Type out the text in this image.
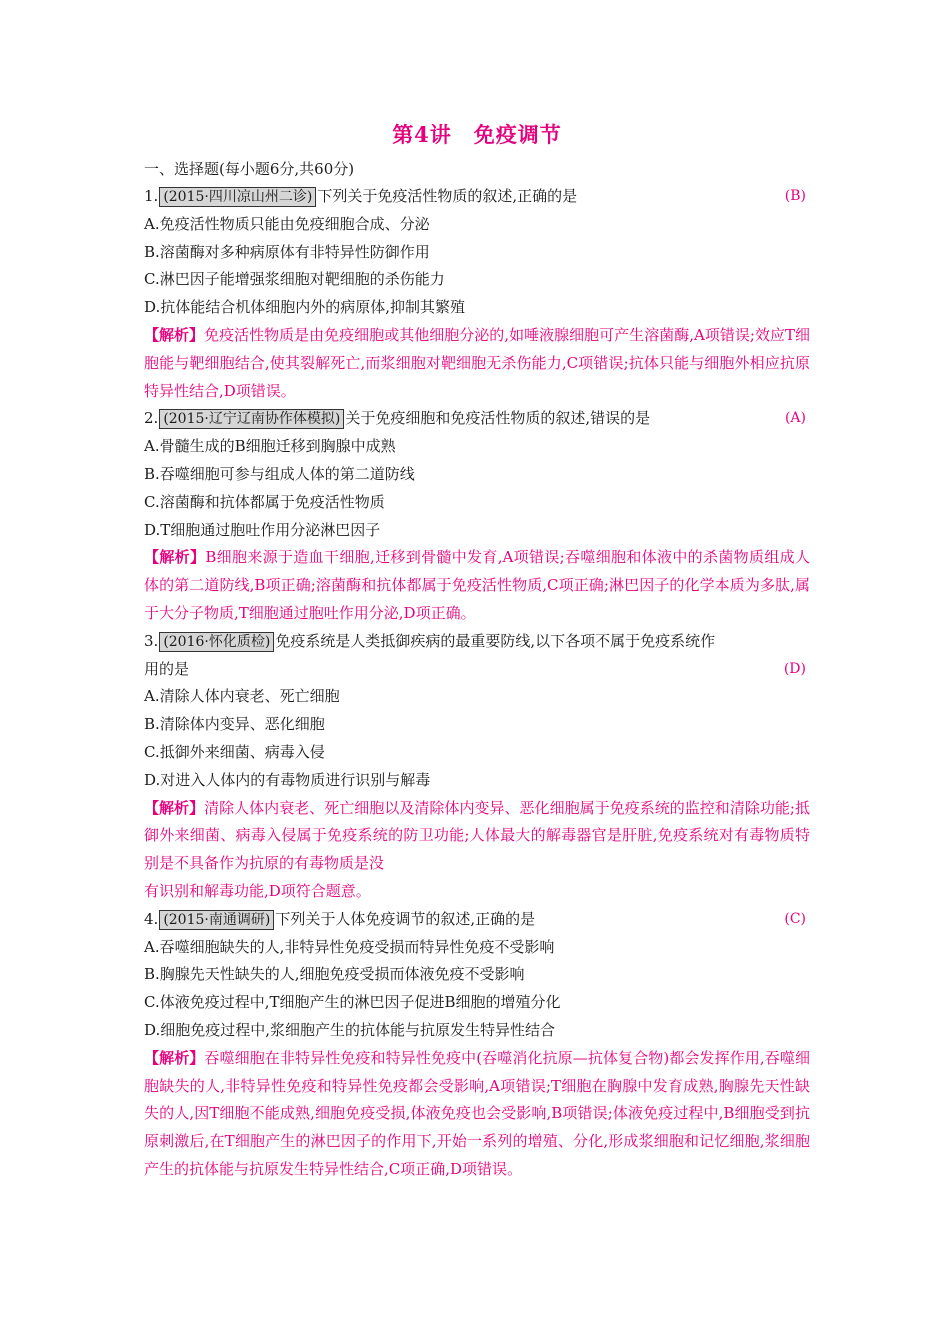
第4讲　免疫调节
一、选择题(每小题6分,共60分)
1. (2015·四川凉山州二诊) 下列关于免疫活性物质的叙述,正确的是	(B)
A.免疫活性物质只能由免疫细胞合成、分泌
B.溶菌酶对多种病原体有非特异性防御作用
C.淋巴因子能增强浆细胞对靶细胞的杀伤能力
D.抗体能结合机体细胞内外的病原体,抑制其繁殖
【解析】免疫活性物质是由免疫细胞或其他细胞分泌的,如唾液腺细胞可产生溶菌酶,A项错误;效应T细胞能与靶细胞结合,使其裂解死亡,而浆细胞对靶细胞无杀伤能力,C项错误;抗体只能与细胞外相应抗原特异性结合,D项错误。
2. (2015·辽宁辽南协作体模拟) 关于免疫细胞和免疫活性物质的叙述,错误的是	(A)
A.骨髓生成的B细胞迁移到胸腺中成熟
B.吞噬细胞可参与组成人体的第二道防线
C.溶菌酶和抗体都属于免疫活性物质
D.T细胞通过胞吐作用分泌淋巴因子
【解析】B细胞来源于造血干细胞,迁移到骨髓中发育,A项错误;吞噬细胞和体液中的杀菌物质组成人体的第二道防线,B项正确;溶菌酶和抗体都属于免疫活性物质,C项正确;淋巴因子的化学本质为多肽,属于大分子物质,T细胞通过胞吐作用分泌,D项正确。
3. (2016·怀化质检) 免疫系统是人类抵御疾病的最重要防线,以下各项不属于免疫系统作
用的是	(D)
A.清除人体内衰老、死亡细胞
B.清除体内变异、恶化细胞
C.抵御外来细菌、病毒入侵
D.对进入人体内的有毒物质进行识别与解毒
【解析】清除人体内衰老、死亡细胞以及清除体内变异、恶化细胞属于免疫系统的监控和清除功能;抵御外来细菌、病毒入侵属于免疫系统的防卫功能;人体最大的解毒器官是肝脏,免疫系统对有毒物质特别是不具备作为抗原的有毒物质是没
有识别和解毒功能,D项符合题意。
4. (2015·南通调研) 下列关于人体免疫调节的叙述,正确的是	(C)
A.吞噬细胞缺失的人,非特异性免疫受损而特异性免疫不受影响
B.胸腺先天性缺失的人,细胞免疫受损而体液免疫不受影响
C.体液免疫过程中,T细胞产生的淋巴因子促进B细胞的增殖分化
D.细胞免疫过程中,浆细胞产生的抗体能与抗原发生特异性结合
【解析】吞噬细胞在非特异性免疫和特异性免疫中(吞噬消化抗原—抗体复合物)都会发挥作用,吞噬细胞缺失的人,非特异性免疫和特异性免疫都会受影响,A项错误;T细胞在胸腺中发育成熟,胸腺先天性缺失的人,因T细胞不能成熟,细胞免疫受损,体液免疫也会受影响,B项错误;体液免疫过程中,B细胞受到抗原刺激后,在T细胞产生的淋巴因子的作用下,开始一系列的增殖、分化,形成浆细胞和记忆细胞,浆细胞产生的抗体能与抗原发生特异性结合,C项正确,D项错误。
